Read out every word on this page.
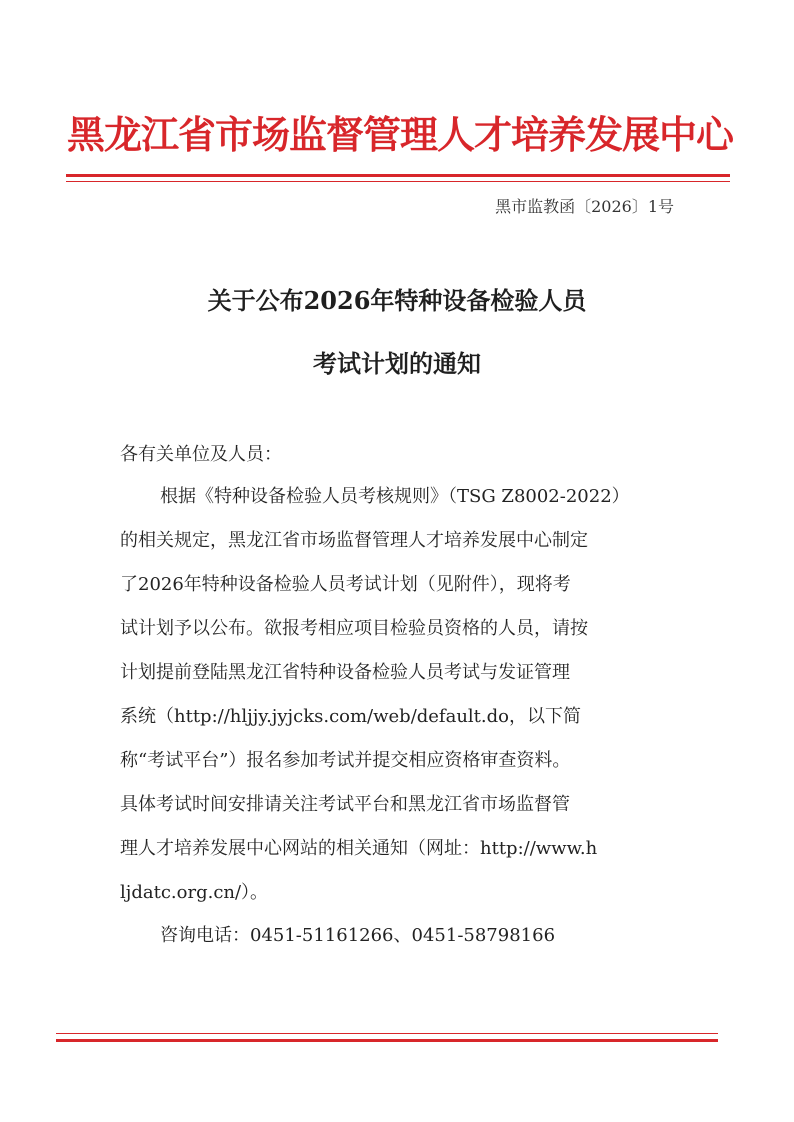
黑龙江省市场监督管理人才培养发展中心
黑市监教函〔2026〕1号
关于公布2026年特种设备检验人员
考试计划的通知
各有关单位及人员：
根据《特种设备检验人员考核规则》（TSG Z8002-2022）
的相关规定，黑龙江省市场监督管理人才培养发展中心制定
了2026年特种设备检验人员考试计划（见附件），现将考
试计划予以公布。欲报考相应项目检验员资格的人员，请按
计划提前登陆黑龙江省特种设备检验人员考试与发证管理
系统（http://hljjy.jyjcks.com/web/default.do，以下简
称“考试平台”）报名参加考试并提交相应资格审查资料。
具体考试时间安排请关注考试平台和黑龙江省市场监督管
理人才培养发展中心网站的相关通知（网址：http://www.h
ljdatc.org.cn/）。
咨询电话：0451-51161266、0451-58798166
